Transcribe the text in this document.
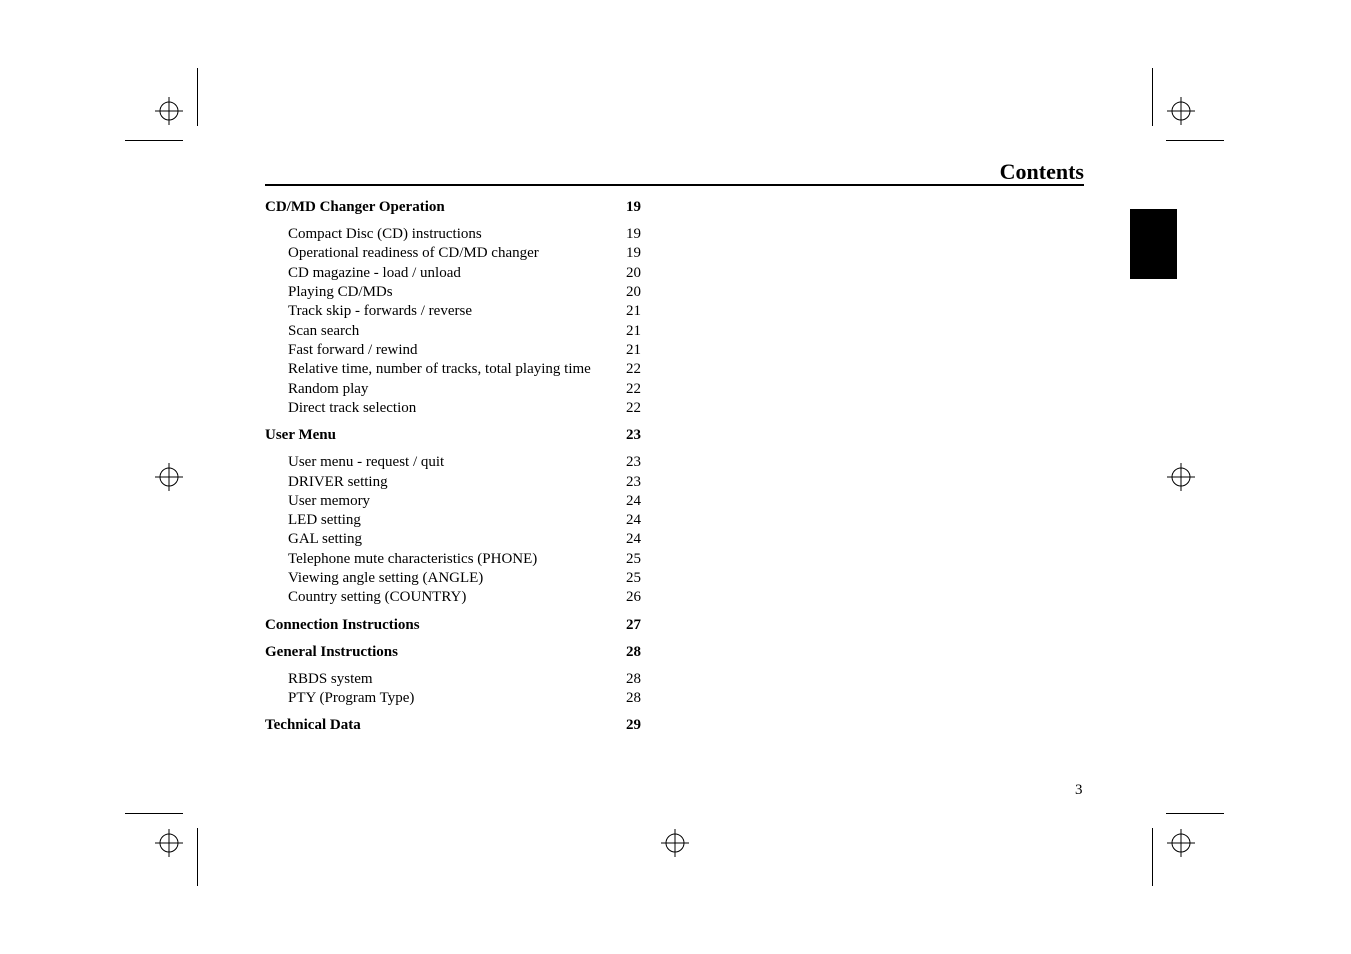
Contents
CD/MD Changer Operation	19
Compact Disc (CD) instructions	19
Operational readiness of CD/MD changer	19
CD magazine - load / unload	20
Playing CD/MDs	20
Track skip - forwards / reverse	21
Scan search	21
Fast forward / rewind	21
Relative time, number of tracks, total playing time 22
Random play	22
Direct track selection	22
User Menu	23
User menu - request / quit	23
DRIVER setting	23
User memory	24
LED setting	24
GAL setting	24
Telephone mute characteristics (PHONE)	25
Viewing angle setting (ANGLE)	25
Country setting (COUNTRY)	26
Connection Instructions	27
General Instructions	28
RBDS system	28
PTY (Program Type)	28
Technical Data	29
3
